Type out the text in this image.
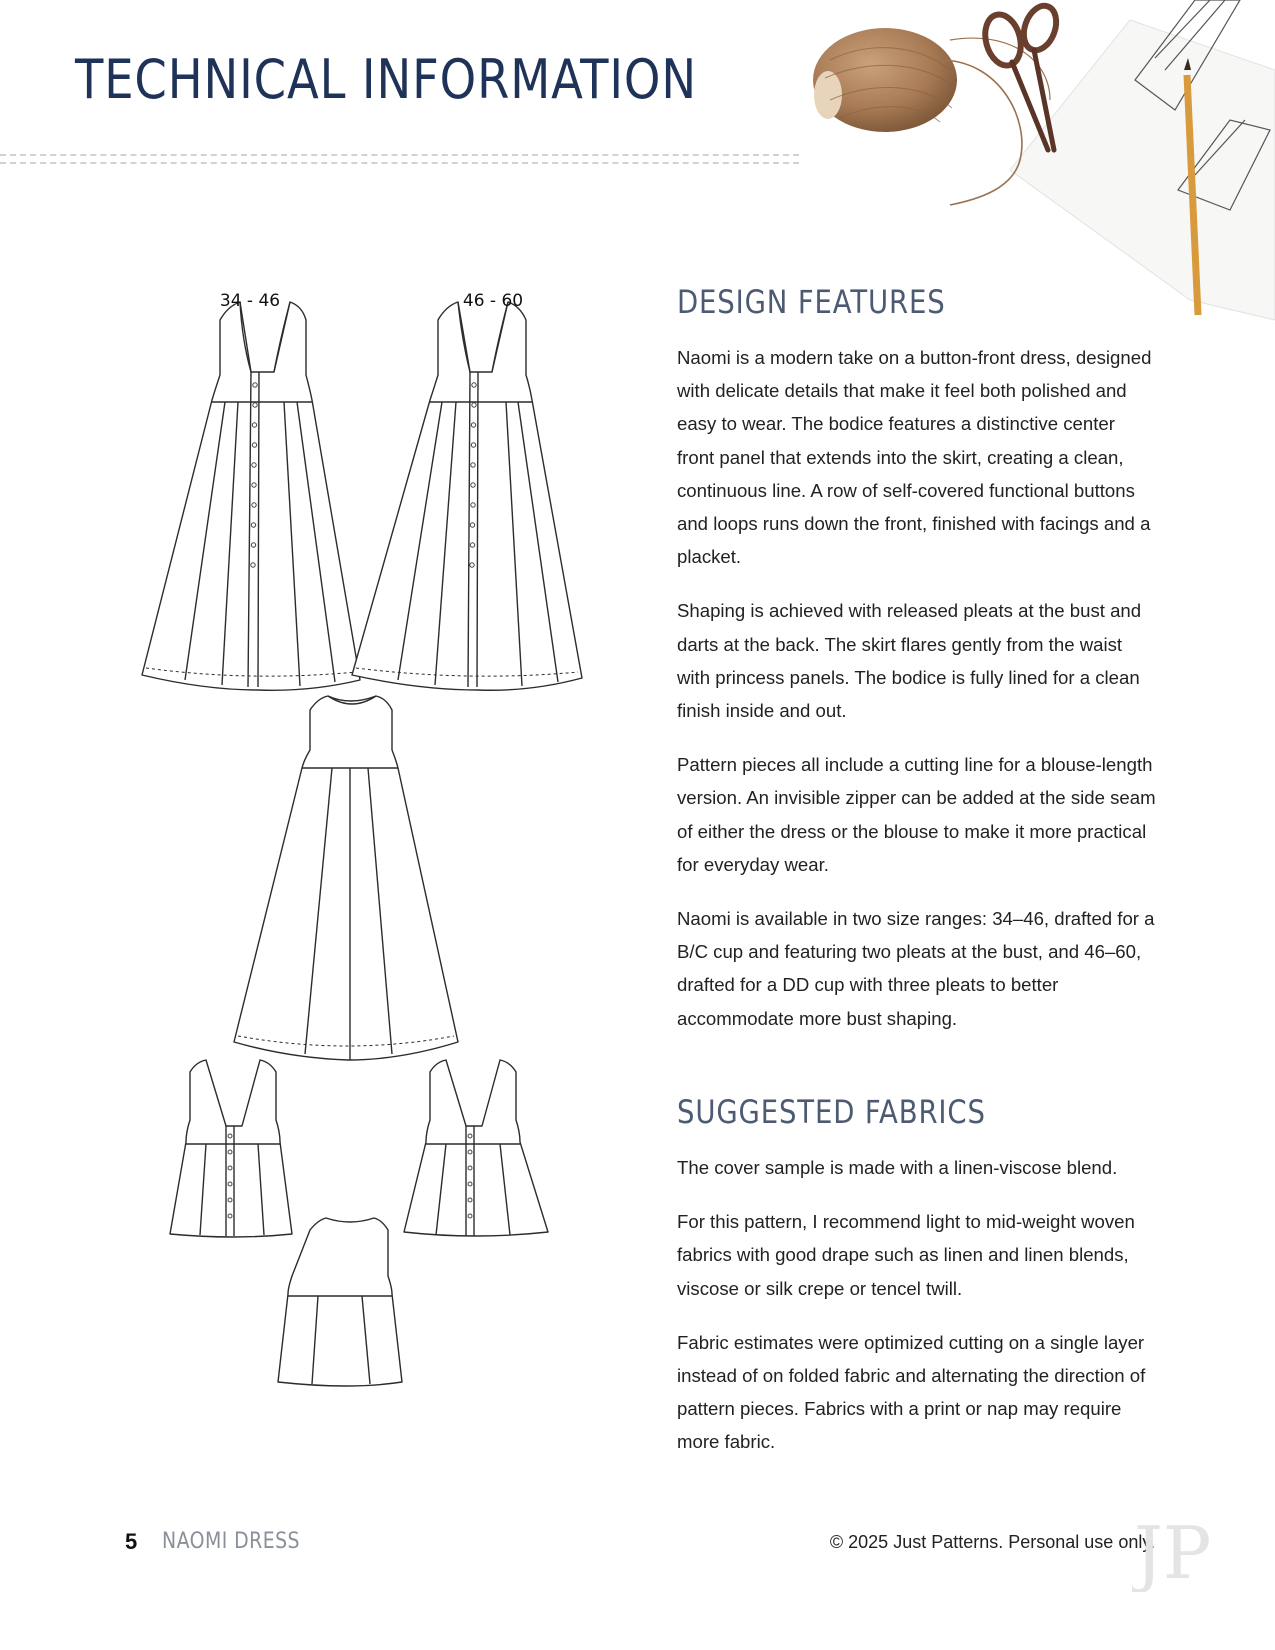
TECHNICAL INFORMATION
34 - 46	46 - 60	DESIGN FEATURES

Naomi is a modern take on a button-front dress, designed with delicate details that make it feel both polished and easy to wear. The bodice features a distinctive center front panel that extends into the skirt, creating a clean, continuous line. A row of self-covered functional buttons and loops runs down the front, finished with facings and a placket.

Shaping is achieved with released pleats at the bust and darts at the back. The skirt flares gently from the waist with princess panels. The bodice is fully lined for a clean finish inside and out.

Pattern pieces all include a cutting line for a blouse-length version. An invisible zipper can be added at the side seam of either the dress or the blouse to make it more practical for everyday wear.

Naomi is available in two size ranges: 34–46, drafted for a B/C cup and featuring two pleats at the bust, and 46–60, drafted for a DD cup with three pleats to better accommodate more bust shaping.

SUGGESTED FABRICS

The cover sample is made with a linen-viscose blend.

For this pattern, I recommend light to mid-weight woven fabrics with good drape such as linen and linen blends, viscose or silk crepe or tencel twill.

Fabric estimates were optimized cutting on a single layer instead of on folded fabric and alternating the direction of pattern pieces. Fabrics with a print or nap may require more fabric.

5 NAOMI DRESS	© 2025 Just Patterns. Personal use only.
JP
